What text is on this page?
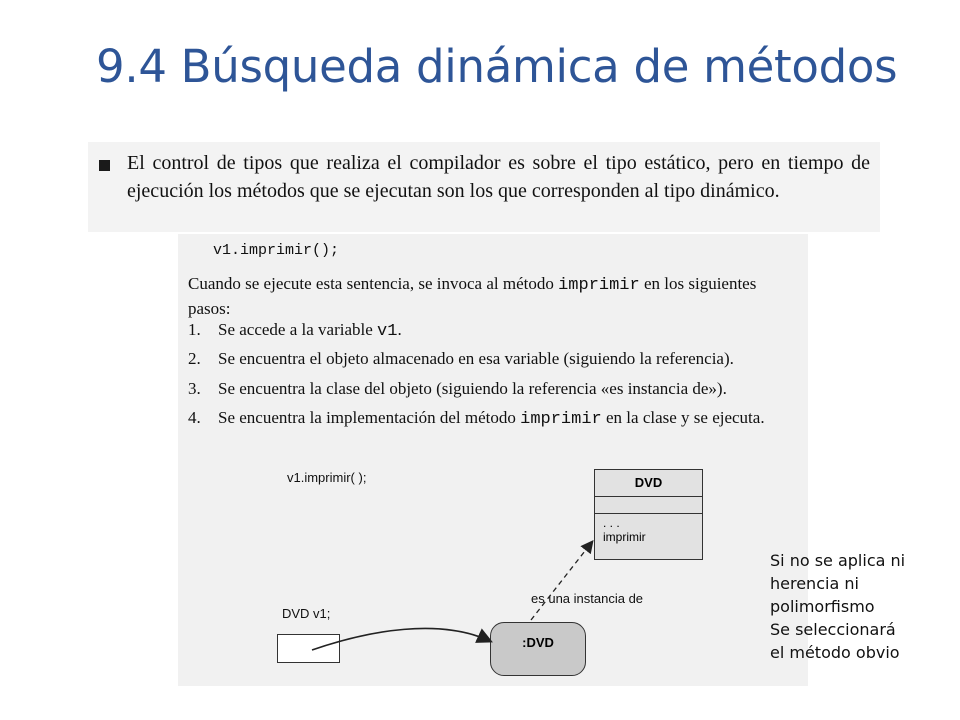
9.4 Búsqueda dinámica de métodos
El control de tipos que realiza el compilador es sobre el tipo estático, pero en tiempo de ejecución los métodos que se ejecutan son los que corresponden al tipo dinámico.
v1.imprimir();
Cuando se ejecute esta sentencia, se invoca al método imprimir en los siguientes pasos:
1. Se accede a la variable v1.
2. Se encuentra el objeto almacenado en esa variable (siguiendo la referencia).
3. Se encuentra la clase del objeto (siguiendo la referencia «es instancia de»).
4. Se encuentra la implementación del método imprimir en la clase y se ejecuta.
v1.imprimir( );	DVD
. . .
imprimir
es una instancia de
DVD v1;
:DVD
Si no se aplica ni
herencia ni
polimorfismo
Se seleccionará
el método obvio
